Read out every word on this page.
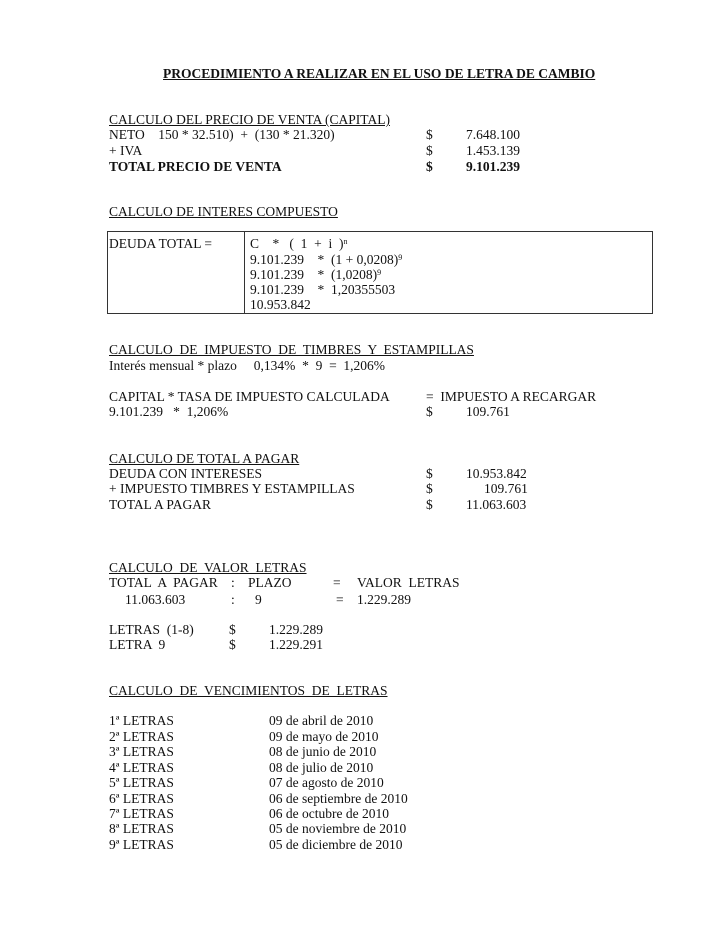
PROCEDIMIENTO A REALIZAR EN EL USO DE LETRA DE CAMBIO
CALCULO DEL PRECIO DE VENTA (CAPITAL)
NETO    150 * 32.510)  +  (130 * 21.320)	$ 7.648.100
+ IVA	$ 1.453.139
TOTAL PRECIO DE VENTA	$ 9.101.239
CALCULO DE INTERES COMPUESTO
DEUDA TOTAL =	C    *   (  1  +  i  )$^n$
9.101.239    *  $(1 + 0,0208)^9$
9.101.239    *  $(1,0208)^9$
9.101.239    *  1,20355503
10.953.842
CALCULO  DE  IMPUESTO  DE  TIMBRES  Y  ESTAMPILLAS
Interés mensual * plazo     0,134%  *  9  =  1,206%
CAPITAL * TASA DE IMPUESTO CALCULADA	=  IMPUESTO A RECARGAR
9.101.239   *  1,206%	$ 109.761
CALCULO DE TOTAL A PAGAR
DEUDA CON INTERESES	$ 10.953.842
+ IMPUESTO TIMBRES Y ESTAMPILLAS	$	109.761
TOTAL A PAGAR	$ 11.063.603
CALCULO  DE  VALOR  LETRAS
TOTAL  A  PAGAR : PLAZO	= VALOR  LETRAS
11.063.603	: 9	= 1.229.289
LETRAS  (1-8)	$ 1.229.289
LETRA  9	$ 1.229.291
CALCULO  DE  VENCIMIENTOS  DE  LETRAS
1ª LETRAS	09 de abril de 2010
2ª LETRAS	09 de mayo de 2010
3ª LETRAS	08 de junio de 2010
4ª LETRAS	08 de julio de 2010
5ª LETRAS	07 de agosto de 2010
6ª LETRAS	06 de septiembre de 2010
7ª LETRAS	06 de octubre de 2010
8ª LETRAS	05 de noviembre de 2010
9ª LETRAS	05 de diciembre de 2010
